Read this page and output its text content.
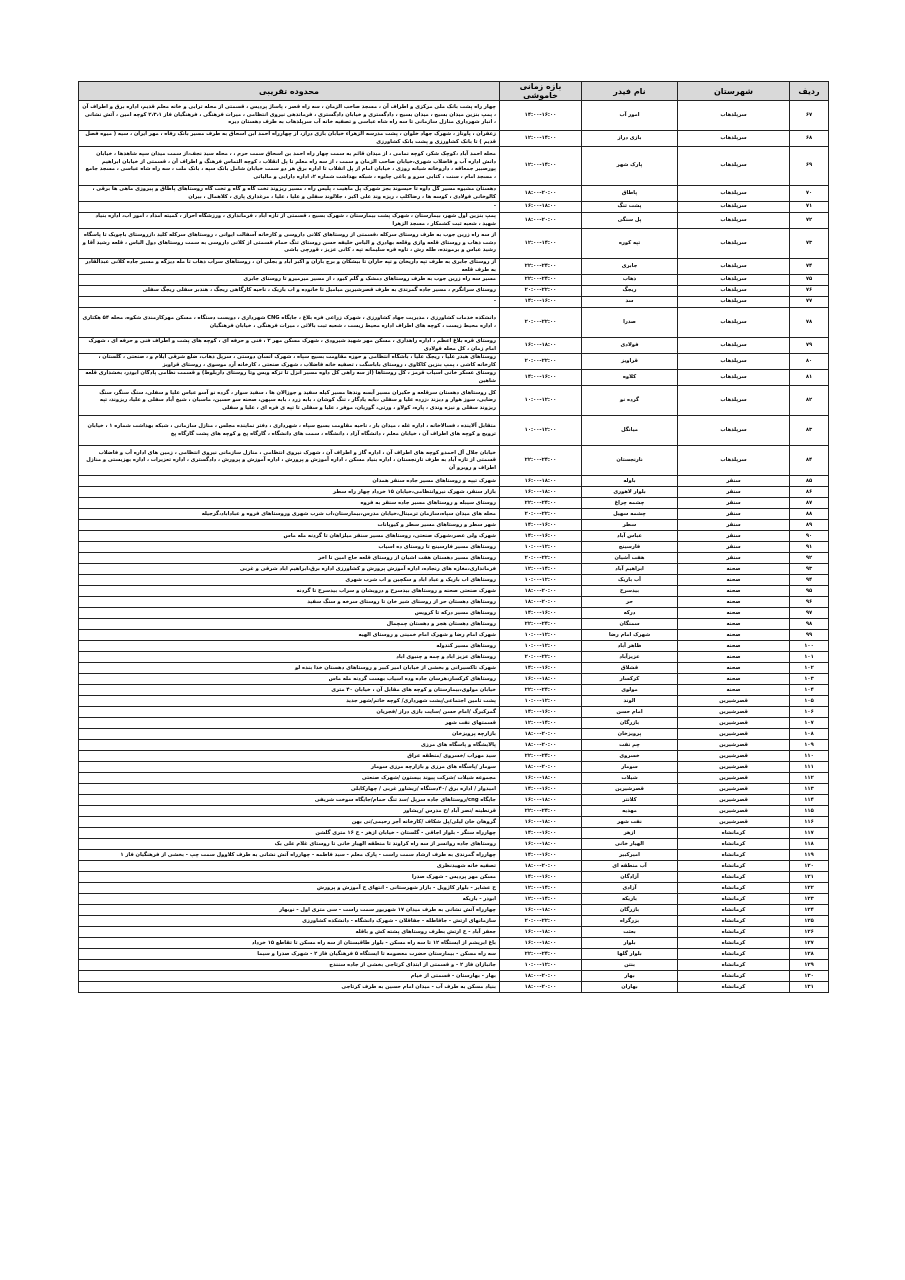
ردیف	شهرستان	نام فیدر	بازه زمانی خاموشی	محدوده تقریبی
۶۷	سرپلذهاب	امور آب	۱۴:۰۰-۱۶:۰۰	چهار راه پشت بانک ملی مرکزی و اطراف آن ، مسجد صاحب الزمان ، سه راه قصر ، پاساژ پردیس ، قسمتی از محله ترابی و خانه معلم قدیم، اداره برق و اطراف آن ، پمپ بنزین میدان بسیج ، میدان بسیج ، دادگستری و خیابان دادگستری ، فرماندهی نیروی انتظامی ، میراث فرهنگی ، فرهنگیان فاز ۲،۳،۱ کوچه امین ، آتش نشانی ، انبار شهرداری منازل سازمانی تا سه راه شاه عباسی و تصفیه خانه آب سرپلذهاب به طرف دهستان دیره
۶۸	سرپلذهاب	بازی دراز	۱۲:۰۰-۱۴:۰۰	زعفران ، پاوناز ، شهرک جهاد خلوان ، پشت مدرسه الزهراء خیابان بازی دراز، از چهارراه احمد ابن اسحاق به طرف مسیر بانک رفاه ، مهر ایران ، سیه ( میوه فصل قدیم ) تا بانک کشاورزی و پشت بانک کشاورزی
۶۹	سرپلذهاب	پارک شهر	۱۲:۰۰-۱۴:۰۰	محله احمد آباد ،کوچک شکر، کوچه نمامی ، از میدان قائم به سمت چهار راه احمد بن اسحاق سمت حرم ، ، محله سید نجف،از سمت میدان سپه شاهدها ، خیابان دانش اداره آب و فاضلاب شهری،خیابان صاحب الزمان و سمت ، از سه راه معلم تا پل انقلاب ، کوچه التماس فرهنگ و اطراف آن ، قسمتی از خیابان ابراهیم پورصبیر جمعاقه ، داروخانه شبانه روزی ، خیابان امام از پل انقلاب تا اداره برق هر دو سمت خیابان شامل بانک سپه ، بانک ملت ، سه راه شاه عباسی ، مسجد جامع ، مسجد امام ، سنت ، کتابی سرو و باغی چایوه ، شبکه بهداشت شماره ۲، اداره دارایی و مالیاتی
۷۰	سرپلذهاب	پاطاق	۱۸:۰۰-۲۰:۰۰	دهستان مشیوه مسیر گل داوه تا حیسوند بجز شهرک پل ماهیت ، پلیس راه ، مسیر ریزوند تخت گاه و گاه و تخت گاه روستاهای پاطاق و پیروزی ماهی ها برقی ، کالوخانی فولادی ، کوسه ها ، رضاکلپ ، ریزه وند علی اکبر ، جلالوند سفلی و علیا ، علیا ، مرغداری پاری ، کلاهمال ، بیران
۷۱	سرپلذهاب	پشت تنگ	۱۶:۰۰-۱۸:۰۰	-
۷۲	سرپلذهاب	پل سنگی	۱۸:۰۰-۲۰:۰۰	پمپ بنزین اول شهر، بیمارستان ، شهرک پشت بیمارستان ، شهرک بسیج ، قسمتی از تازه آباد ، فرمانداری ، ورزشگاه احراز ، کمیته امداد ، امور آب، اداره بنیاد شهید ، شعبه ثبت کشمکار ، مسجد الزهرا
۷۳	سرپلذهاب	تپه کوره	۱۲:۰۰-۱۴:۰۰	از سه راه زرین جوب به طرف روستای سرکله ،قسمتی از روستاهای کلانی داروسی و کارخانه آسفالت ایوانی ، روستاهای سرکله کلید ،ازروستای باچویک تا پاسگاه دشت ذهاب و روستای قلعه وازی وقلعه بهادری و الباس خلیفه حسن روستای تنگ حمام قسمتی از کلانی داروسی به سمت روستاهای دول الباس ، قلعه رشید آقا و رشید عباس و برمونده، طله رش ، تاوه فره سلیمانه تپه ، کانی عزیز ، قورچی باشی
۷۴	سرپلذهاب	جابری	۲۲:۰۰-۲۴:۰۰	از روستای جابری به طرف تپه داریخان و تپه حاران تا بیشکان و برج باران و اکبر آباد و بجلی ان ، روستاهای سراب ذهاب تا مله دیزگه و مسیر جاده کلانی عبدالقادر به طرف قلعه
۷۵	سرپلذهاب	ذهاب	۲۲:۰۰-۲۴:۰۰	مسیر سه راه زرین جوب به طرف روستاهای دمشک و گلم کبود ، از مسیر میرمیرو تا روستای جابری
۷۶	سرپلذهاب	ریجگ	۲۰:۰۰-۲۲:۰۰	روستای سرانگرم ، مسیر جاده گمرندی به طرف قصرشیرین میامیل تا خانوده و اب باریک ، ناحیه کارگاهی ریجگ ، هندبر سفلی ریجگ سفلی
۷۷	سرپلذهاب	سد	۱۴:۰۰-۱۶:۰۰	-
۷۸	سرپلذهاب	صدرا	۲۰:۰۰-۲۲:۰۰	دانشکده خدمات کشاورزی ، مدیریت جهاد کشاورزی ، شهرک زراعی فره بلاغ ، جایگاه CNG شهرداری ، دویست دستگاه ، مسکن مهرکارمندی شکوه، محله ۵۴ هکتاری ، اداره محیط زیست ، کوچه های اطراف اداره محیط زیست ، شعبه ثبت بالائی ، میراث فرهنگی ، خیابان فرهنگیان
۷۹	سرپلذهاب	فولادی	۱۶:۰۰-۱۸:۰۰	روستای قره بلاغ اعظم ، اداره راهداری ، مسکن مهر شهید شیرودی ، شهرک مسکن مهر ۲ ، فنی و حرفه ای ، کوچه های پشت و اطراف فنی و حرفه ای ، شهرک امام زمان ، کل محله فولادی
۸۰	سرپلذهاب	قراویز	۲۰:۰۰-۲۲:۰۰	روستاهای هیدر علیا ، ریجگ علیا ، باشگاه انتظامی و حوزه مقاومت بسیج سپاه ، شهرک انسان دوستی ، سرپل ذهاب، ضلع شرقی ایلام و ، صنعتی ، گلستان ، کارخانه کاشی ، پمپ بنزین کاکاوی ، روستای باباسگت ، تصفیه خانه فاضلاب ، شهرک صنعتی ، کارخانه آرد موسوی ، روستای قراویز
۸۱	سرپلذهاب	کلاوه	۱۴:۰۰-۱۶:۰۰	روستای عسکر خانی آسیاب قرمز ، کل روستاها (از سه راهی کل داوه مسیر انزل تا تزکه ویس وتا روستای داربلوط) و قسمت نظامی پادگان ابوذر، بخشداری قلعه شاهین
۸۲	سرپلذهاب	گرده نو	۱۰:۰۰-۱۲:۰۰	کل روستاهای دهستان سرقلعه و حکیران مسیر آبسه وندها مسیر کیله سفید و جوزالان ها ، سفید سوار ، گرده نو آسو عباس علیا و سفلی، سنگ سنگر، سنگ رضایی، سوز هوار و دیزند ،زرده علیا و سفلی ،بابه یادگار ، تنگ کوشان ، بابه زرد ، بابه سپهن، صحنه سو حسین، ماسبان ، شیخ آباد سفلی و علیا، ریزوند، تپه ریزوند سفلی و نیزه وندی ، پاره، کولاو ، ورتی، گوریان، موفر ، علیا و سفلی تا تپه ی فره ای ، علیا و سفلی
۸۳	سرپلذهاب	میانگل	۱۰:۰۰-۱۲:۰۰	متقابل آلاینده ، فسالاخانه ، اداره غله ، میدان بار ، ناحیه مقاومت بسیج سپاه ، شهرداری ، دفتر نماینده مجلس ، منازل سازمانی ، شبکه بهداشت شماره ۱ ، خیابان ترویج و کوچه های اطراف آن ، خیابان معلم ، دانشگاه آزاد ، دانشگاه ، سمت های دانشگاه ، گارگاه پخ و کوچه های پشت گارگاه پخ
۸۴	سرپلذهاب	نارنجستان	۲۲:۰۰-۲۴:۰۰	خیابان جلال آل احمدو کوچه های اطراف آن ، اداره گاز و اطراف آن ، شهرک نیروی انتظامی ، منازل سازمانی نیروی انتظامی ، زمین های اداره آب و فاضلاب قسمتی از تازه آباد به طرف تارنجستان ، اداره بنیاد مسکن ، اداره آموزش و پرورش ، اداره آموزش و پرورش ، دادگستری ، اداره تعزیرات ، اداره بهزیستی و منازل اطراف و روبرو آن
۸۵	سنقر	باوله	۱۶:۰۰-۱۸:۰۰	شهرک تیپه و روستاهای مسیر جاده سنقر همدان
۸۶	سنقر	بلوار لاهوری	۱۶:۰۰-۱۸:۰۰	بازار سنقر، شهرک نیروانتظامی،خیابان ۱۵ خرداد چهار راه سطر
۸۷	سنقر	چشمه چراغ	۲۲:۰۰-۲۴:۰۰	روستای سیبله و روستاهای مسیر جاده سنقر به فروه
۸۸	سنقر	چشمه سهیل	۲۰:۰۰-۲۲:۰۰	محله های میدان سپاه،سازمان ترمینال،خیابان مدرس،بیمارستان،اب شرب شهری وروستاهای فروه و عباداباد،گرجیله
۸۹	سنقر	سطر	۱۴:۰۰-۱۶:۰۰	شهر سطر و روستاهای مسیر سطر و کیوپانات
۹۰	سنقر	عباس آباد	۱۴:۰۰-۱۶:۰۰	شهرک ولی عصر،شهرک صنعتی، روستاهای مسیر سنقر میلزاهان تا گردنه مله ماس
۹۱	سنقر	فارسینج	۱۰:۰۰-۱۲:۰۰	روستاهای مسیر فارسینج تا روستای ده اسیاب
۹۲	سنقر	هفت آشیان	۲۰:۰۰-۲۲:۰۰	روستاهای مسیر دهستان هفت اشیان از روستای قلعه حاج امین تا اخر
۹۳	صحنه	ابراهیم آباد	۱۲:۰۰-۱۴:۰۰	فرمانداری،مغازه های رنجاده، اداره آموزش پرورش و کشاورزی اداره برق،ابراهیم اباد شرقی و غربی
۹۴	صحنه	آب باریک	۱۰:۰۰-۱۲:۰۰	روستاهای اب باریک و عباد اباد و سکچین و اب شرب شهری
۹۵	صحنه	بیدسرخ	۱۸:۰۰-۲۰:۰۰	شهرک صنعتی صحنه و روستاهای بیدسرخ و درویشان و سراب بیدسرخ تا گردنه
۹۶	صحنه	حر	۱۸:۰۰-۲۰:۰۰	روستاهای دهستان حر از روستای شیر خان تا روستای سرخه و سنگ سفید
۹۷	صحنه	درکه	۱۴:۰۰-۱۶:۰۰	روستاهای مسیر درکه تا کرویس
۹۸	صحنه	سمنگان	۲۲:۰۰-۲۴:۰۰	روستاهای دهستان هجر و دهستان چمچمال
۹۹	صحنه	شهرک امام رضا	۱۰:۰۰-۱۲:۰۰	شهرک امام رضا و شهرک امام خمینی و روستای الهیه
۱۰۰	صحنه	ظاهر آباد	۱۰:۰۰-۱۲:۰۰	روستاهای مسیر کندوله
۱۰۱	صحنه	عزیزآباد	۲۰:۰۰-۲۲:۰۰	روستاهای عزیز اباد و چمه و چنبوی اباد
۱۰۲	صحنه	قشلاق	۱۴:۰۰-۱۶:۰۰	شهرک تاکسیرانی و بخشی از خیابان امیر کبیر و روستاهای دهستان خدا بنده لو
۱۰۳	صحنه	کرکسار	۱۶:۰۰-۱۸:۰۰	روستاهای کرکسار،هرسان جاده وده اسیاب بهست گردنه مله ماس
۱۰۴	صحنه	مولوی	۲۲:۰۰-۲۴:۰۰	خیابان مولوی،بیمارستان و کوچه های مقابل آن ، خیابان ۴۰ متری
۱۰۵	قصرشیرین	الوند	۱۰:۰۰-۱۲:۰۰	پشت تامین اجتماعی/پشت شهرداری/ کوچه خاتم/شهر جدید
۱۰۶	قصرشیرین	امام حسن	۱۴:۰۰-۱۶:۰۰	گمرکبرگ /امام حسن /سایت بازی دراز /فجریان
۱۰۷	قصرشیرین	بازرگان	۱۲:۰۰-۱۴:۰۰	قسمتهای نفت شهر
۱۰۸	قصرشیرین	پرویزخان	۱۸:۰۰-۲۰:۰۰	بازارچه پرویزخان
۱۰۹	قصرشیرین	چم نفت	۱۸:۰۰-۲۰:۰۰	پالایشگاه و پاسگاه های مرزی
۱۱۰	قصرشیرین	خسروی	۲۲:۰۰-۲۴:۰۰	سید مهراب /خسروی /منطقه عراق
۱۱۱	قصرشیرین	سومار	۱۸:۰۰-۲۰:۰۰	سومار /پاسگاه های مرزی و بازارچه مرزی سومار
۱۱۲	قصرشیرین	شیلات	۱۶:۰۰-۱۸:۰۰	مجموعه شیلات /شرکت پیوند بیستون /شهرک صنعتی
۱۱۳	قصرشیرین	قصرشیرین	۱۴:۰۰-۱۶:۰۰	امیدوار / اداره برق /۴۰دستگاه /ریشاور غربی / چهارکابلی
۱۱۴	قصرشیرین	کلانتر	۱۶:۰۰-۱۸:۰۰	جایگاه cng/روستاهای جاده سرپل /سد تنگ حمام/جایگاه سوخت شریفی
۱۱۵	قصرشیرین	مهدیه	۲۲:۰۰-۲۴:۰۰	قرنطینه /نصر آباد /خ مدرس /ریشاور
۱۱۶	قصرشیرین	نفت شهر	۱۶:۰۰-۱۸:۰۰	گروهان خان لیلی/پل شکاف /کارخانه آجر رحیمی/نی بهن
۱۱۷	کرمانشاه	ازهر	۱۴:۰۰-۱۶:۰۰	چهارراه سنگر - بلوار اجاقی - گلستان - خیابان ازهر - خ ۱۶ متری گلشن
۱۱۸	کرمانشاه	الهیار خانی	۱۶:۰۰-۱۸:۰۰	روستاهای جاده روانسر از سه راه کراوند تا منطقه الهیار خانی تا روستای غلام علی بک
۱۱۹	کرمانشاه	امیرکبیر	۱۴:۰۰-۱۶:۰۰	چهارراه گمرندی به طرف ارشاد سمت راست - پارک معلم - سید فاطمه - چهارراه آتش نشانی به طرف کلاوول سمت چپ - بخشی از فرهنگیان فاز ۱
۱۲۰	کرمانشاه	آب منطقه ای	۱۸:۰۰-۲۰:۰۰	تصفیه خانه شهیدنظری
۱۲۱	کرمانشاه	آزادگان	۱۴:۰۰-۱۶:۰۰	مسکن مهر پردیس - شهرک صدرا
۱۲۲	کرمانشاه	آزادی	۱۲:۰۰-۱۴:۰۰	خ عشایر - بلوار کاژویل - بازار شهرستانی - انتهای خ آموزش و پرورش
۱۲۳	کرمانشاه	باریکه	۱۲:۰۰-۱۴:۰۰	ابوذر - باریکه
۱۲۴	کرمانشاه	بازرگان	۱۶:۰۰-۱۸:۰۰	چهارراه آتش نشانی به طرف میدان ۱۷ شهریور سمت راست - سی متری اول - نوبهار
۱۲۵	کرمانشاه	بزرگراه	۲۰:۰۰-۲۲:۰۰	سازمانهای ارتش - جاقاطله - جفاقلان - شهرک دانشگاه - دانشکده کشاورزی
۱۲۶	کرمانشاه	بعثت	۱۶:۰۰-۱۸:۰۰	جعفر آباد - خ ارتش بطرف روستاهای پشته کش و باقله
۱۲۷	کرمانشاه	بلوار	۱۶:۰۰-۱۸:۰۰	باغ ابریشم از ایستگاه ۱۲ تا سه راه مسکن - بلوار طاقبستان از سه راه مسکن تا تقاطع ۱۵ خرداد
۱۲۸	کرمانشاه	بلوار گلها	۲۲:۰۰-۲۴:۰۰	سه راه مسکن - بیمارستان حضرت معصومه تا ایستگاه ۵ فرهنگیان فاز ۲ - شهرک صدرا و سیما
۱۲۹	کرمانشاه	بنتن	۱۰:۰۰-۱۲:۰۰	جانبازان فاز ۲ - و قسمتی از ابتدای کرتاجی بخشی از جاده سنندج
۱۳۰	کرمانشاه	بهار	۱۸:۰۰-۲۰:۰۰	بهار - بهارستان - قسمتی از خیام
۱۳۱	کرمانشاه	بهاران	۱۸:۰۰-۲۰:۰۰	بنیاد مسکن به طرف آب - میدان امام حسین به طرف کرتاجی
